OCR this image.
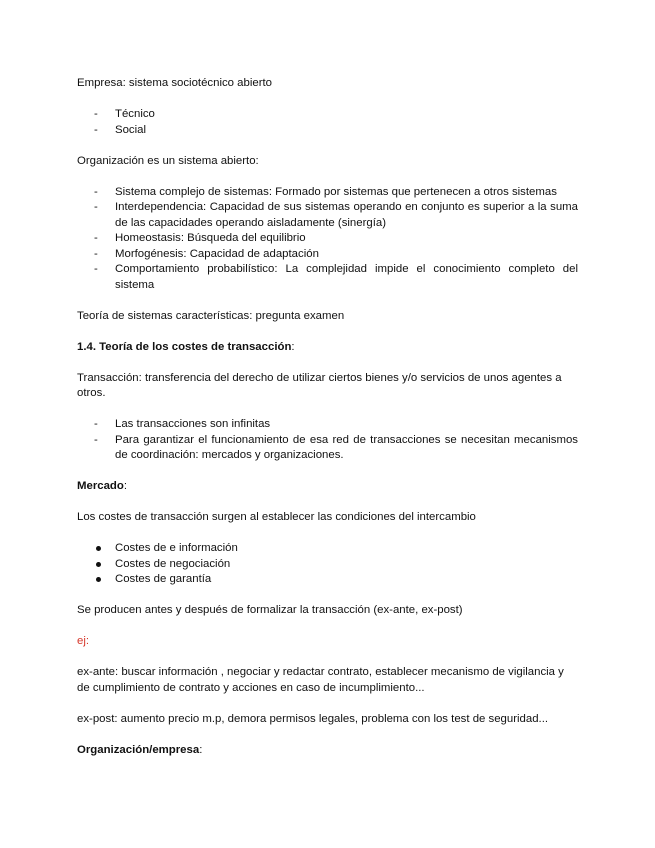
Empresa: sistema sociotécnico abierto

- Técnico
- Social

Organización es un sistema abierto:

- Sistema complejo de sistemas: Formado por sistemas que pertenecen a otros sistemas
- Interdependencia: Capacidad de sus sistemas operando en conjunto es superior a la suma de las capacidades operando aisladamente (sinergía)
- Homeostasis: Búsqueda del equilibrio
- Morfogénesis: Capacidad de adaptación
- Comportamiento probabilístico: La complejidad impide el conocimiento completo del sistema

Teoría de sistemas características: pregunta examen

1.4. Teoría de los costes de transacción:

Transacción: transferencia del derecho de utilizar ciertos bienes y/o servicios de unos agentes a otros.

- Las transacciones son infinitas
- Para garantizar el funcionamiento de esa red de transacciones se necesitan mecanismos de coordinación: mercados y organizaciones.

Mercado:

Los costes de transacción surgen al establecer las condiciones del intercambio

Costes de e información
Costes de negociación
Costes de garantía

Se producen antes y después de formalizar la transacción (ex-ante, ex-post)

ej:

ex-ante: buscar información , negociar y redactar contrato, establecer mecanismo de vigilancia y de cumplimiento de contrato y acciones en caso de incumplimiento...

ex-post: aumento precio m.p, demora permisos legales, problema con los test de seguridad...

Organización/empresa:
